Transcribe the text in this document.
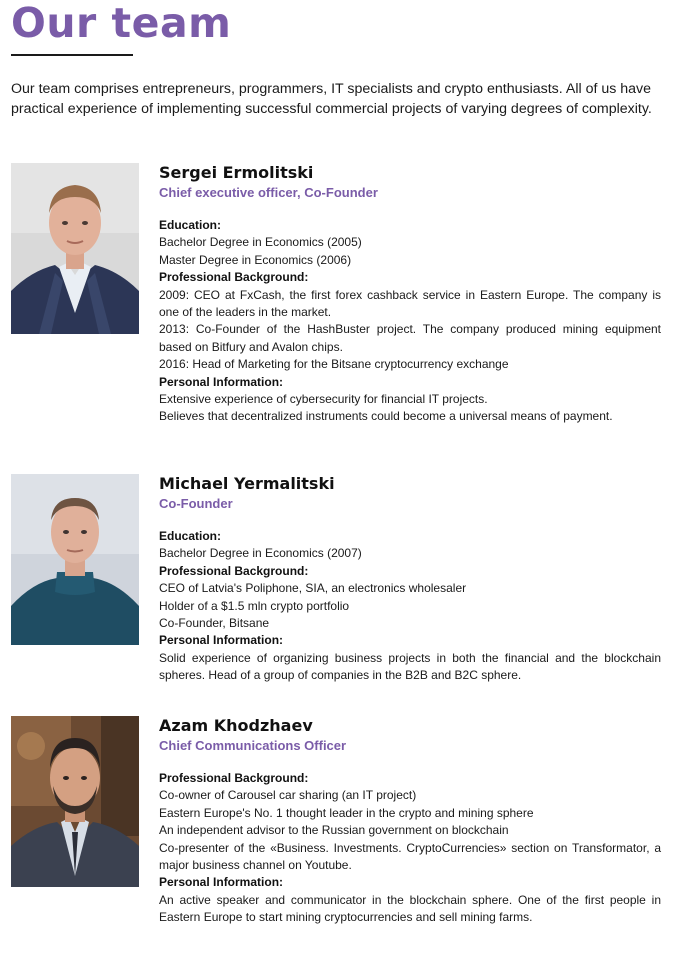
Our team

Our team comprises entrepreneurs, programmers, IT specialists and crypto enthusiasts. All of us have practical experience of implementing successful commercial projects of varying degrees of complexity.

Sergei Ermolitski
Chief executive officer, Co-Founder
Education:
Bachelor Degree in Economics (2005)
Master Degree in Economics (2006)
Professional Background:
2009: CEO at FxCash, the first forex cashback service in Eastern Europe. The company is one of the leaders in the market.
2013: Co-Founder of the HashBuster project. The company produced mining equipment based on Bitfury and Avalon chips.
2016: Head of Marketing for the Bitsane cryptocurrency exchange
Personal Information:
Extensive experience of cybersecurity for financial IT projects.
Believes that decentralized instruments could become a universal means of payment.
Michael Yermalitski
Co-Founder
Education:
Bachelor Degree in Economics (2007)
Professional Background:
CEO of Latvia's Poliphone, SIA, an electronics wholesaler
Holder of a $1.5 mln crypto portfolio
Co-Founder, Bitsane
Personal Information:
Solid experience of organizing business projects in both the financial and the blockchain spheres. Head of a group of companies in the B2B and B2C sphere.
Azam Khodzhaev
Chief Communications Officer
Professional Background:
Co-owner of Carousel car sharing (an IT project)
Eastern Europe's No. 1 thought leader in the crypto and mining sphere
An independent advisor to the Russian government on blockchain
Co-presenter of the «Business. Investments. CryptoCurrencies» section on Transformator, a major business channel on Youtube.
Personal Information:
An active speaker and communicator in the blockchain sphere. One of the first people in Eastern Europe to start mining cryptocurrencies and sell mining farms.
